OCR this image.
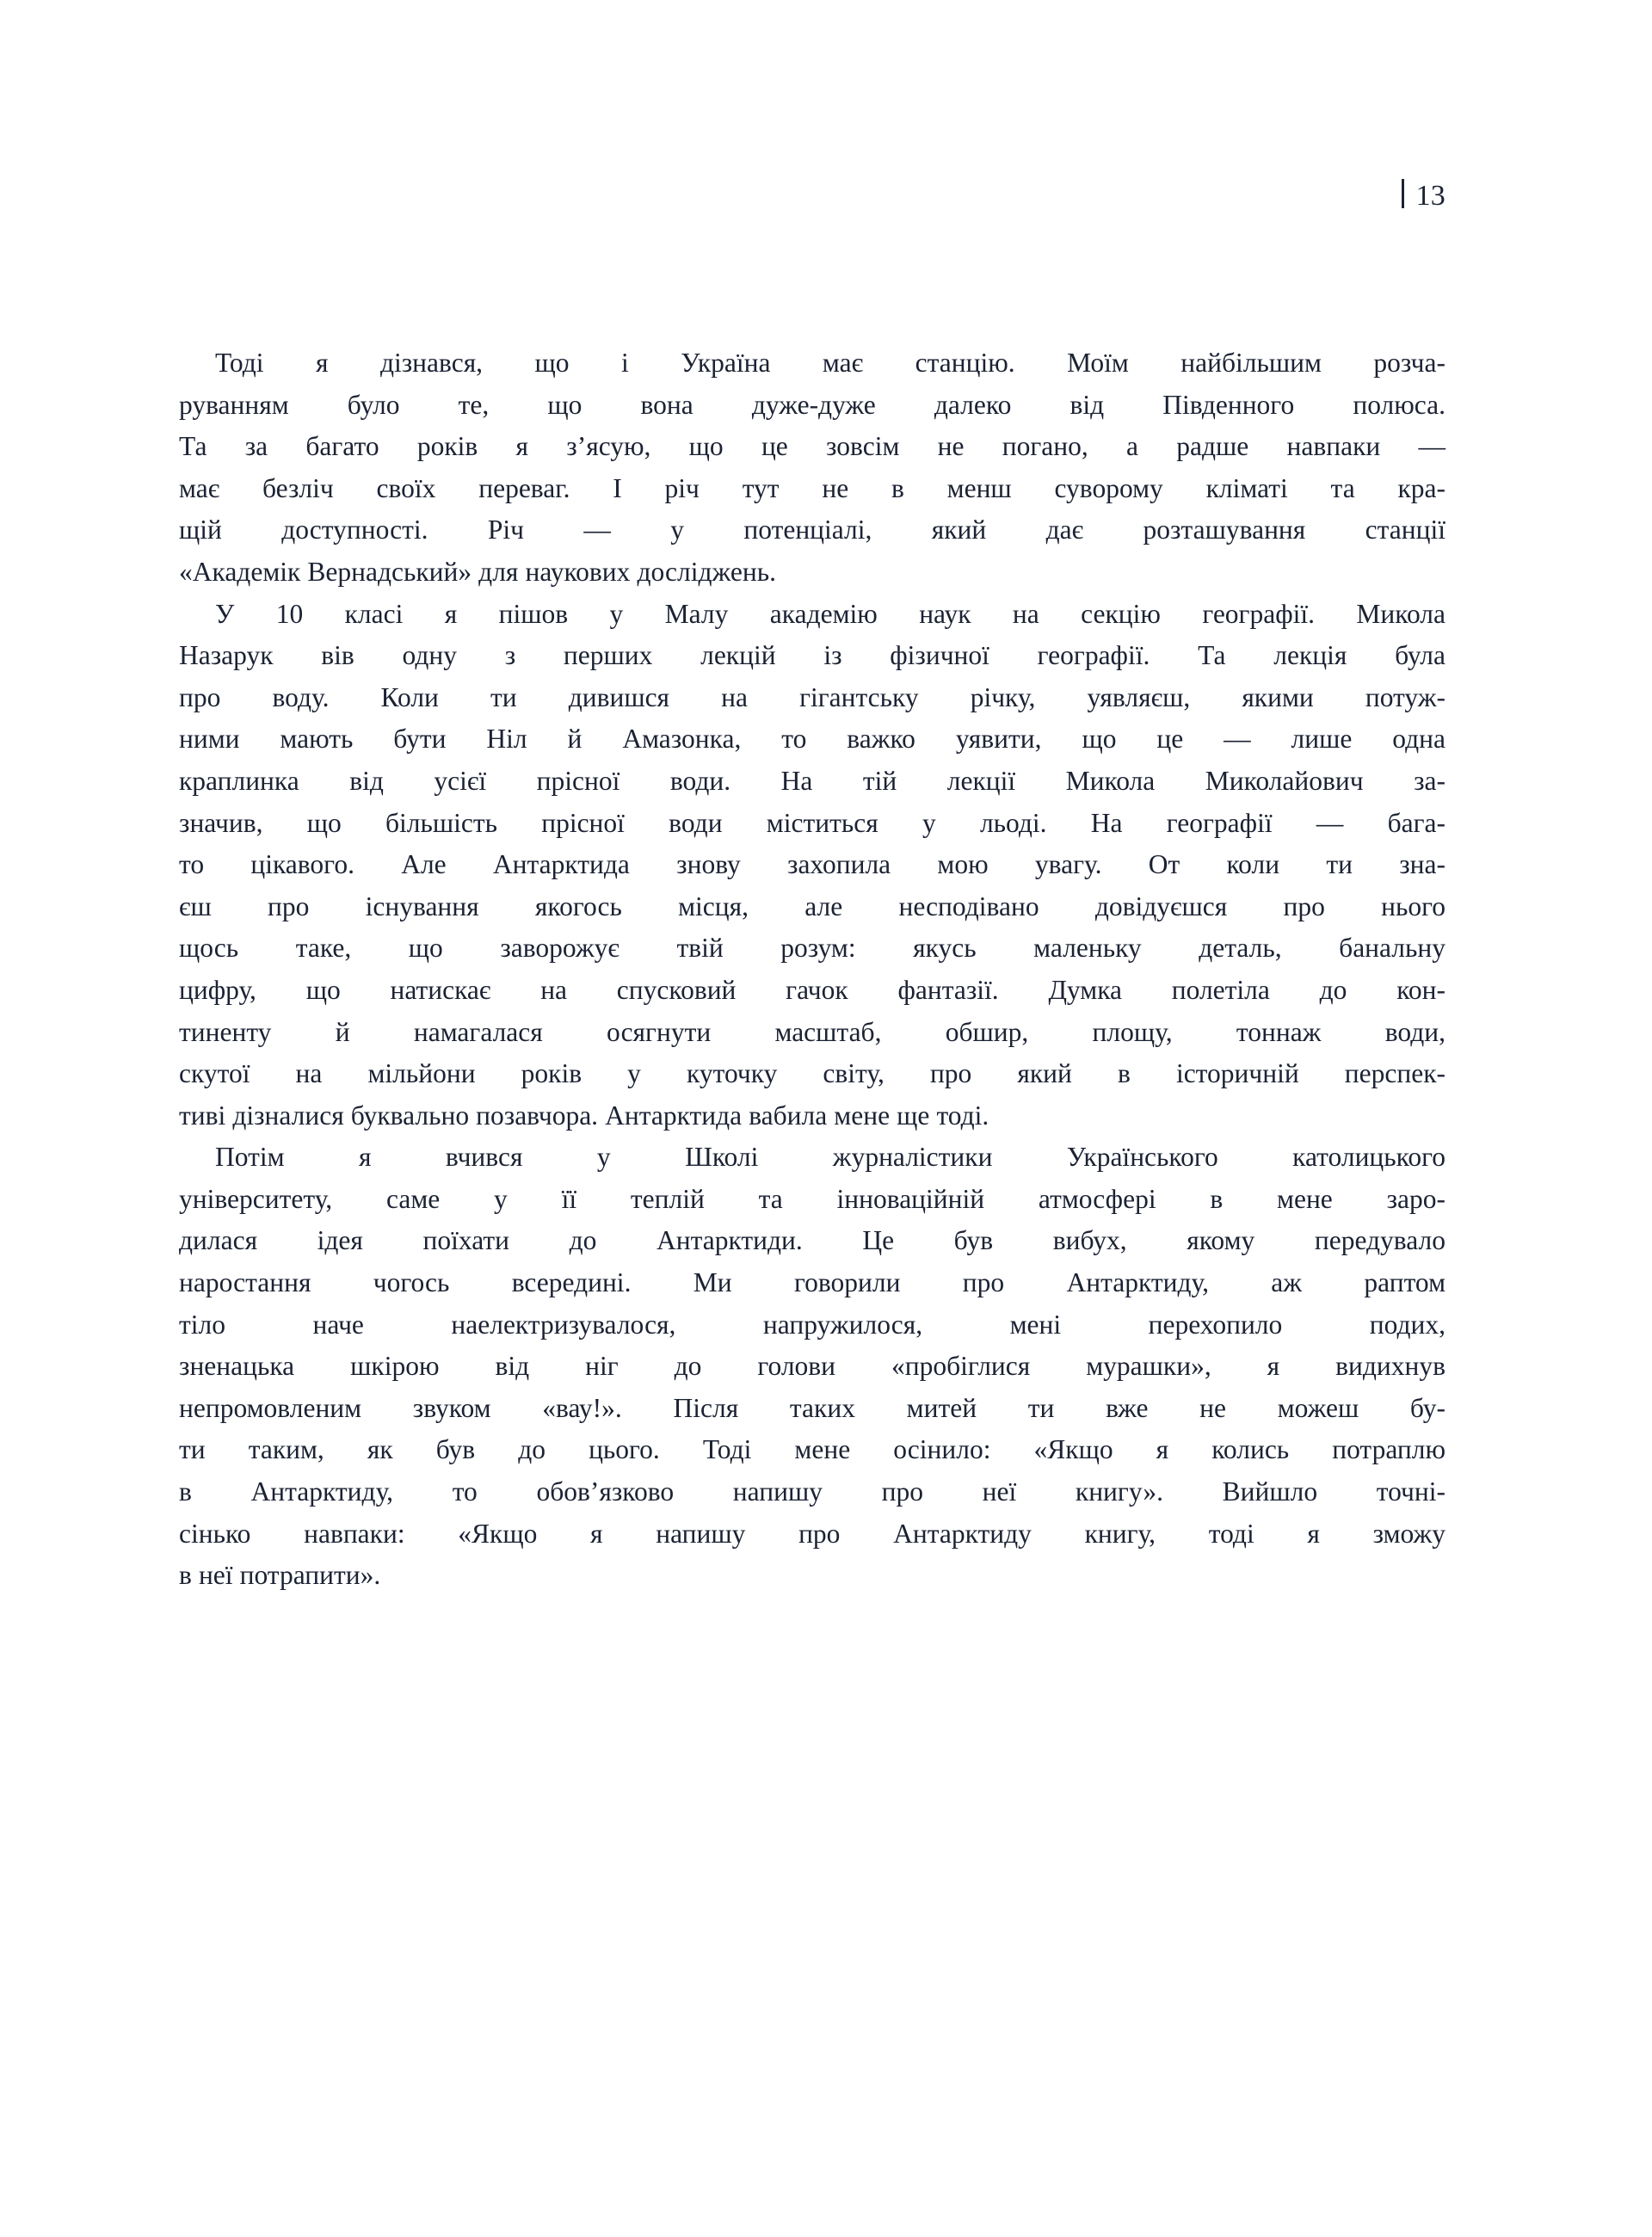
13

Тоді я дізнався, що і Україна має станцію. Моїм найбільшим розча-
руванням було те, що вона дуже-дуже далеко від Південного полюса.
Та за багато років я з’ясую, що це зовсім не погано, а радше навпаки —
має безліч своїх переваг. І річ тут не в менш суворому кліматі та кра-
щій доступності. Річ — у потенціалі, який дає розташування станції
«Академік Вернадський» для наукових досліджень.

У 10 класі я пішов у Малу академію наук на секцію географії. Микола
Назарук вів одну з перших лекцій із фізичної географії. Та лекція була
про воду. Коли ти дивишся на гігантську річку, уявляєш, якими потуж-
ними мають бути Ніл й Амазонка, то важко уявити, що це — лише одна
краплинка від усієї прісної води. На тій лекції Микола Миколайович за-
значив, що більшість прісної води міститься у льоді. На географії — бага-
то цікавого. Але Антарктида знову захопила мою увагу. От коли ти зна-
єш про існування якогось місця, але несподівано довідуєшся про нього
щось таке, що заворожує твій розум: якусь маленьку деталь, банальну
цифру, що натискає на спусковий гачок фантазії. Думка полетіла до кон-
тиненту й намагалася осягнути масштаб, обшир, площу, тоннаж води,
скутої на мільйони років у куточку світу, про який в історичній перспек-
тиві дізналися буквально позавчора. Антарктида вабила мене ще тоді.

Потім я вчився у Школі журналістики Українського католицького
університету, саме у її теплій та інноваційній атмосфері в мене заро-
дилася ідея поїхати до Антарктиди. Це був вибух, якому передувало
наростання чогось всередині. Ми говорили про Антарктиду, аж раптом
тіло наче наелектризувалося, напружилося, мені перехопило подих,
зненацька шкірою від ніг до голови «пробіглися мурашки», я видихнув
непромовленим звуком «вау!». Після таких митей ти вже не можеш бу-
ти таким, як був до цього. Тоді мене осінило: «Якщо я колись потраплю
в Антарктиду, то обов’язково напишу про неї книгу». Вийшло точні-
сінько навпаки: «Якщо я напишу про Антарктиду книгу, тоді я зможу
в неї потрапити».
